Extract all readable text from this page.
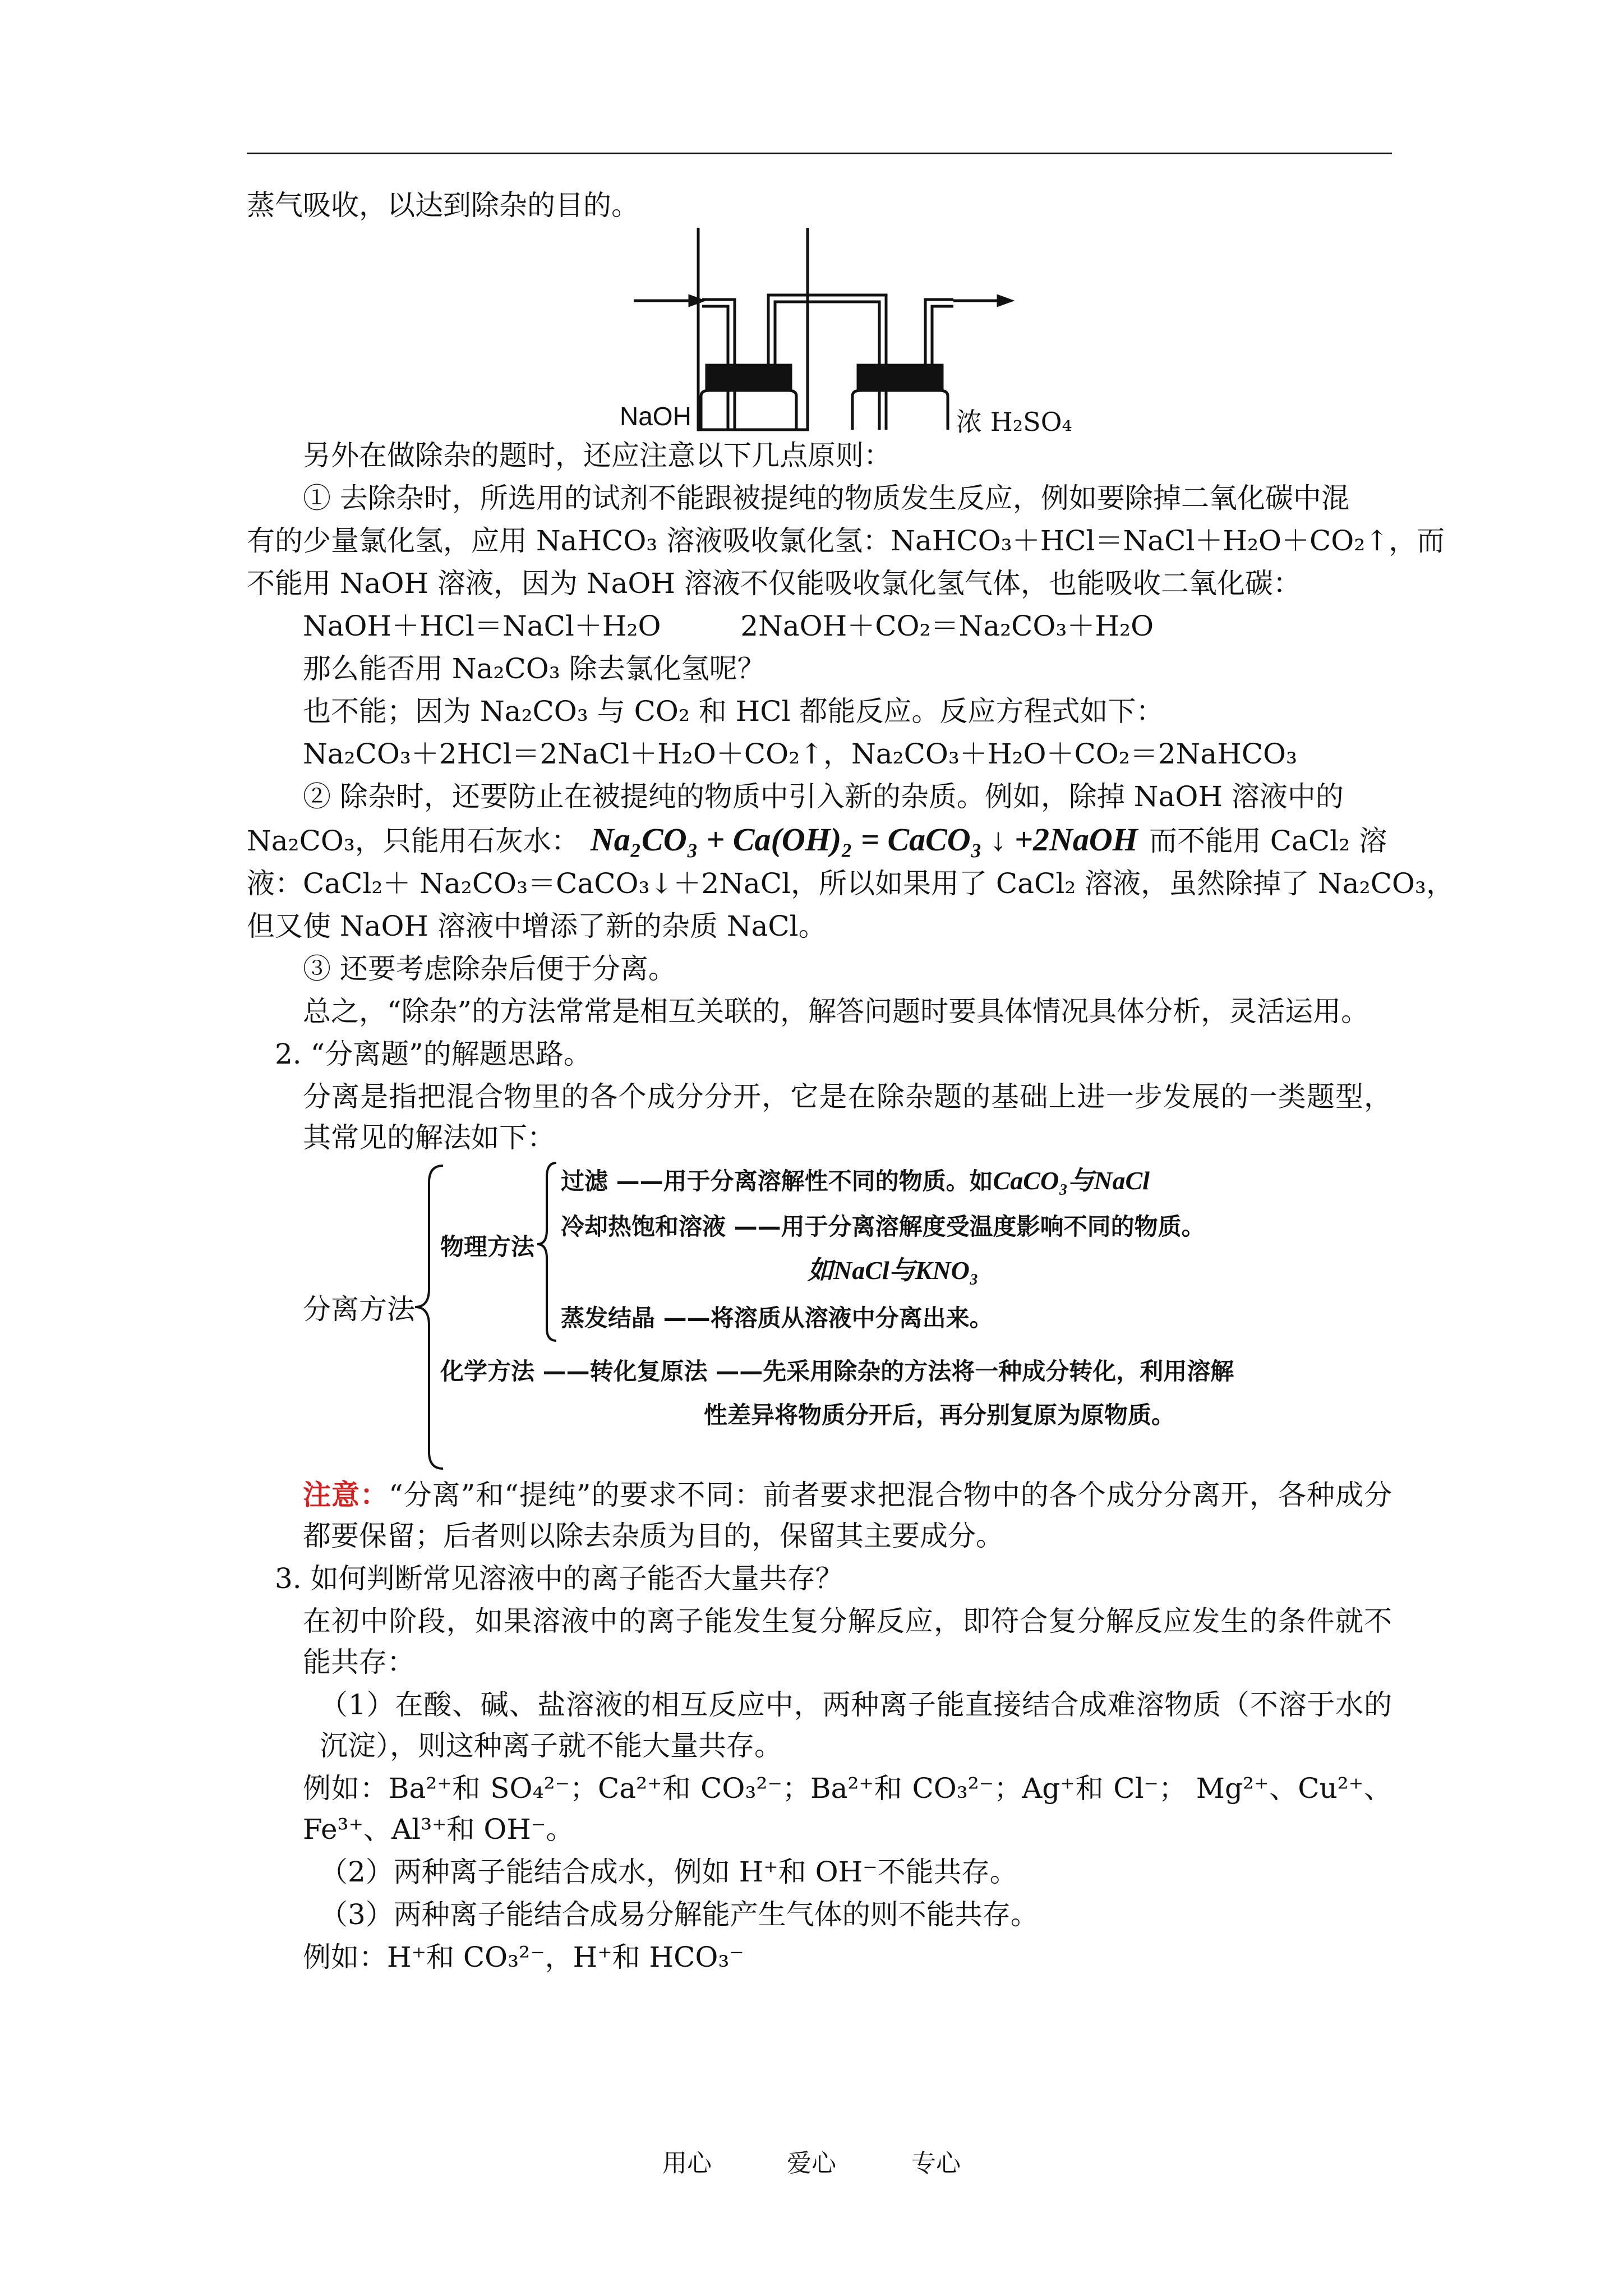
蒸气吸收，以达到除杂的目的。

NaOH	浓 H₂SO₄

另外在做除杂的题时，还应注意以下几点原则：

① 去除杂时，所选用的试剂不能跟被提纯的物质发生反应，例如要除掉二氧化碳中混

有的少量氯化氢，应用 NaHCO₃ 溶液吸收氯化氢：NaHCO₃＋HCl＝NaCl＋H₂O＋CO₂↑，而

不能用 NaOH 溶液，因为 NaOH 溶液不仅能吸收氯化氢气体，也能吸收二氧化碳：

NaOH＋HCl＝NaCl＋H₂O	2NaOH＋CO₂＝Na₂CO₃＋H₂O

那么能否用 Na₂CO₃ 除去氯化氢呢？

也不能；因为 Na₂CO₃ 与 CO₂ 和 HCl 都能反应。反应方程式如下：

Na₂CO₃＋2HCl＝2NaCl＋H₂O＋CO₂↑，Na₂CO₃＋H₂O＋CO₂＝2NaHCO₃

② 除杂时，还要防止在被提纯的物质中引入新的杂质。例如，除掉 NaOH 溶液中的

Na₂CO₃，只能用石灰水： Na₂CO₃ + Ca(OH)₂ = CaCO₃ ↓ +2NaOH 而不能用 CaCl₂ 溶

液：CaCl₂＋ Na₂CO₃＝CaCO₃↓＋2NaCl，所以如果用了 CaCl₂ 溶液，虽然除掉了 Na₂CO₃，

但又使 NaOH 溶液中增添了新的杂质 NaCl。

③ 还要考虑除杂后便于分离。

总之，“除杂”的方法常常是相互关联的，解答问题时要具体情况具体分析，灵活运用。

2. “分离题”的解题思路。

分离是指把混合物里的各个成分分开，它是在除杂题的基础上进一步发展的一类题型，其常见的解法如下：

分离方法
物理方法
过滤 ——用于分离溶解性不同的物质。如CaCO₃与NaCl
冷却热饱和溶液 ——用于分离溶解度受温度影响不同的物质。
如NaCl与KNO₃
蒸发结晶 ——将溶质从溶液中分离出来。
化学方法 ——转化复原法 ——先采用除杂的方法将一种成分转化，利用溶解
性差异将物质分开后，再分别复原为原物质。

注意：“分离”和“提纯”的要求不同：前者要求把混合物中的各个成分分离开，各种成分都要保留；后者则以除去杂质为目的，保留其主要成分。

3. 如何判断常见溶液中的离子能否大量共存？

在初中阶段，如果溶液中的离子能发生复分解反应，即符合复分解反应发生的条件就不能共存：

（1）在酸、碱、盐溶液的相互反应中，两种离子能直接结合成难溶物质（不溶于水的沉淀），则这种离子就不能大量共存。

例如：Ba²⁺和 SO₄²⁻；Ca²⁺和 CO₃²⁻；Ba²⁺和 CO₃²⁻；Ag⁺和 Cl⁻； Mg²⁺、Cu²⁺、Fe³⁺、Al³⁺和 OH⁻。

（2）两种离子能结合成水，例如 H⁺和 OH⁻不能共存。

（3）两种离子能结合成易分解能产生气体的则不能共存。

例如：H⁺和 CO₃²⁻，H⁺和 HCO₃⁻

用心	爱心	专心
